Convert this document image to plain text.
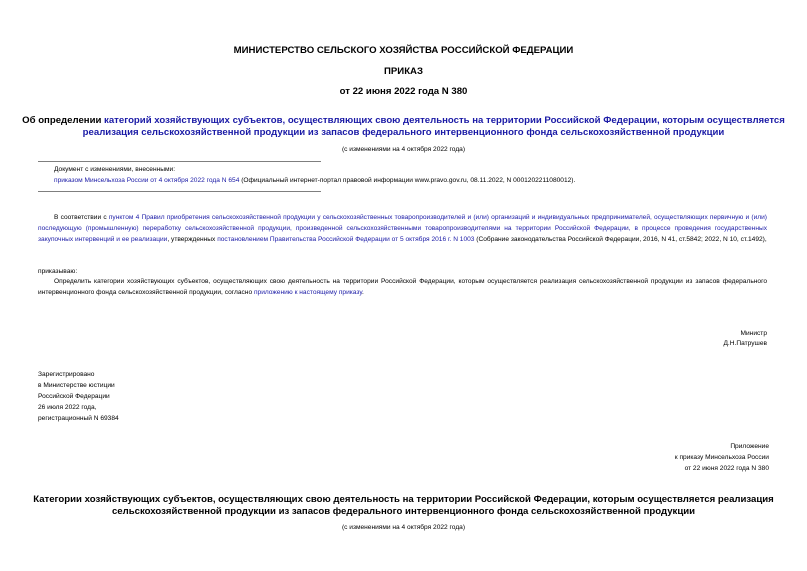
МИНИСТЕРСТВО СЕЛЬСКОГО ХОЗЯЙСТВА РОССИЙСКОЙ ФЕДЕРАЦИИ
ПРИКАЗ
от 22 июня 2022 года N 380
Об определении категорий хозяйствующих субъектов, осуществляющих свою деятельность на территории Российской Федерации, которым осуществляется
реализация сельскохозяйственной продукции из запасов федерального интервенционного фонда сельскохозяйственной продукции
(с изменениями на 4 октября 2022 года)
Документ с изменениями, внесенными:
приказом Минсельхоза России от 4 октября 2022 года N 654 (Официальный интернет-портал правовой информации www.pravo.gov.ru, 08.11.2022, N 0001202211080012).
В соответствии с пунктом 4 Правил приобретения сельскохозяйственной продукции у сельскохозяйственных товаропроизводителей и (или) организаций и индивидуальных предпринимателей, осуществляющих первичную и (или) последующую (промышленную) переработку сельскохозяйственной продукции, произведенной сельскохозяйственными товаропроизводителями на территории Российской Федерации, в процессе проведения государственных закупочных интервенций и ее реализации, утвержденных постановлением Правительства Российской Федерации от 5 октября 2016 г. N 1003 (Собрание законодательства Российской Федерации, 2016, N 41, ст.5842; 2022, N 10, ст.1492),
приказываю:
Определить категории хозяйствующих субъектов, осуществляющих свою деятельность на территории Российской Федерации, которым осуществляется реализация сельскохозяйственной продукции из запасов федерального интервенционного фонда сельскохозяйственной продукции, согласно приложению к настоящему приказу.
Министр
Д.Н.Патрушев
Зарегистрировано
в Министерстве юстиции
Российской Федерации
26 июля 2022 года,
регистрационный N 69384
Приложение
к приказу Минсельхоза России
от 22 июня 2022 года N 380
Категории хозяйствующих субъектов, осуществляющих свою деятельность на территории Российской Федерации, которым осуществляется реализация
сельскохозяйственной продукции из запасов федерального интервенционного фонда сельскохозяйственной продукции
(с изменениями на 4 октября 2022 года)
